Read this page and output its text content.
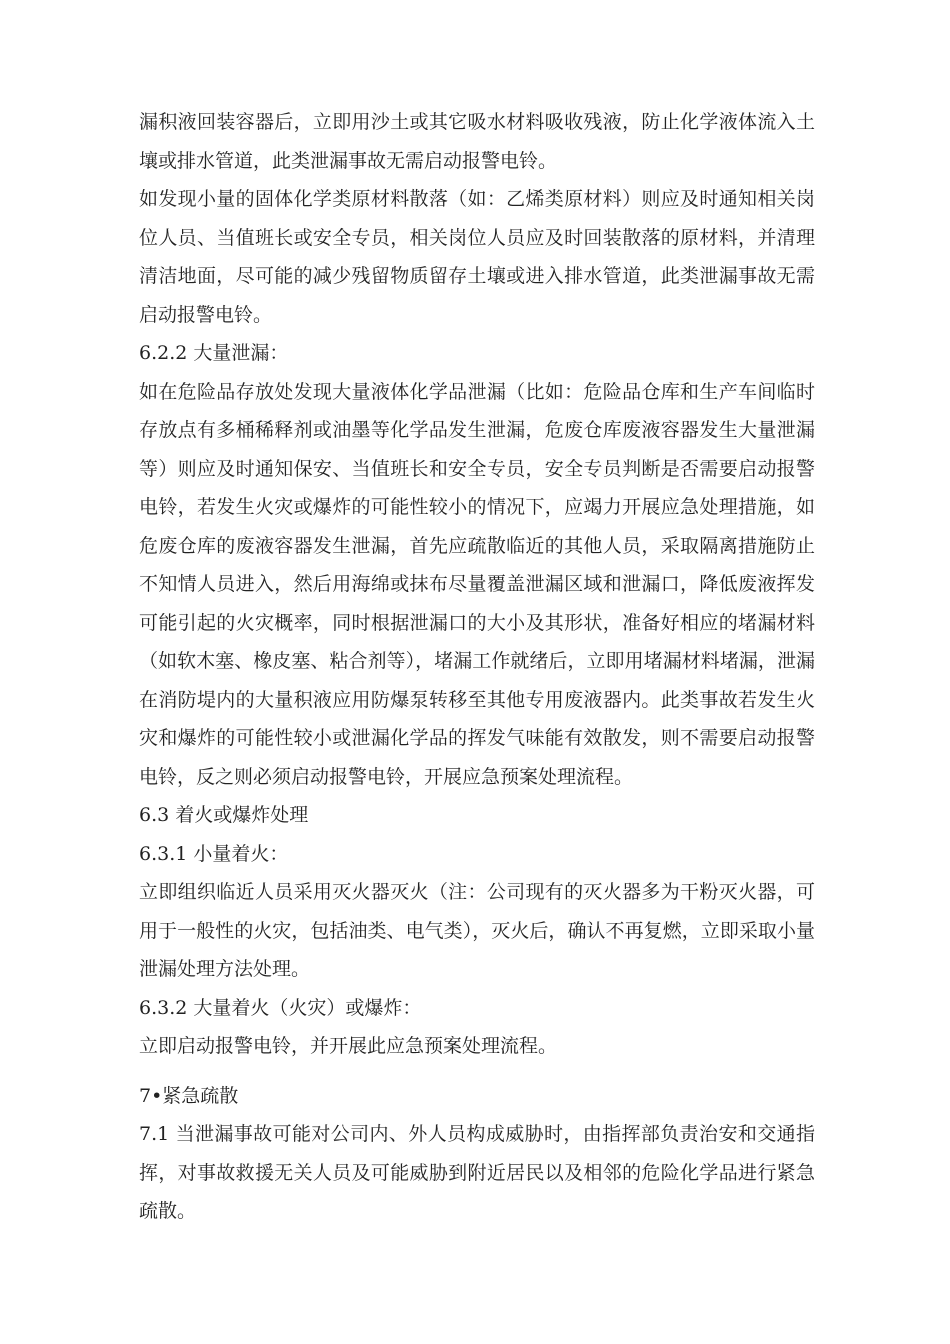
漏积液回装容器后，立即用沙土或其它吸水材料吸收残液，防止化学液体流入土壤或排水管道，此类泄漏事故无需启动报警电铃。

如发现小量的固体化学类原材料散落（如：乙烯类原材料）则应及时通知相关岗位人员、当值班长或安全专员，相关岗位人员应及时回装散落的原材料，并清理清洁地面，尽可能的减少残留物质留存土壤或进入排水管道，此类泄漏事故无需启动报警电铃。

6.2.2 大量泄漏：

如在危险品存放处发现大量液体化学品泄漏（比如：危险品仓库和生产车间临时存放点有多桶稀释剂或油墨等化学品发生泄漏，危废仓库废液容器发生大量泄漏等）则应及时通知保安、当值班长和安全专员，安全专员判断是否需要启动报警电铃，若发生火灾或爆炸的可能性较小的情况下，应竭力开展应急处理措施，如危废仓库的废液容器发生泄漏，首先应疏散临近的其他人员，采取隔离措施防止不知情人员进入，然后用海绵或抹布尽量覆盖泄漏区域和泄漏口，降低废液挥发可能引起的火灾概率，同时根据泄漏口的大小及其形状，准备好相应的堵漏材料（如软木塞、橡皮塞、粘合剂等），堵漏工作就绪后，立即用堵漏材料堵漏，泄漏在消防堤内的大量积液应用防爆泵转移至其他专用废液器内。此类事故若发生火灾和爆炸的可能性较小或泄漏化学品的挥发气味能有效散发，则不需要启动报警电铃，反之则必须启动报警电铃，开展应急预案处理流程。

6.3 着火或爆炸处理

6.3.1 小量着火：

立即组织临近人员采用灭火器灭火（注：公司现有的灭火器多为干粉灭火器，可用于一般性的火灾，包括油类、电气类），灭火后，确认不再复燃，立即采取小量泄漏处理方法处理。

6.3.2 大量着火（火灾）或爆炸：

立即启动报警电铃，并开展此应急预案处理流程。

7•紧急疏散

7.1 当泄漏事故可能对公司内、外人员构成威胁时，由指挥部负责治安和交通指挥，对事故救援无关人员及可能威胁到附近居民以及相邻的危险化学品进行紧急疏散。
